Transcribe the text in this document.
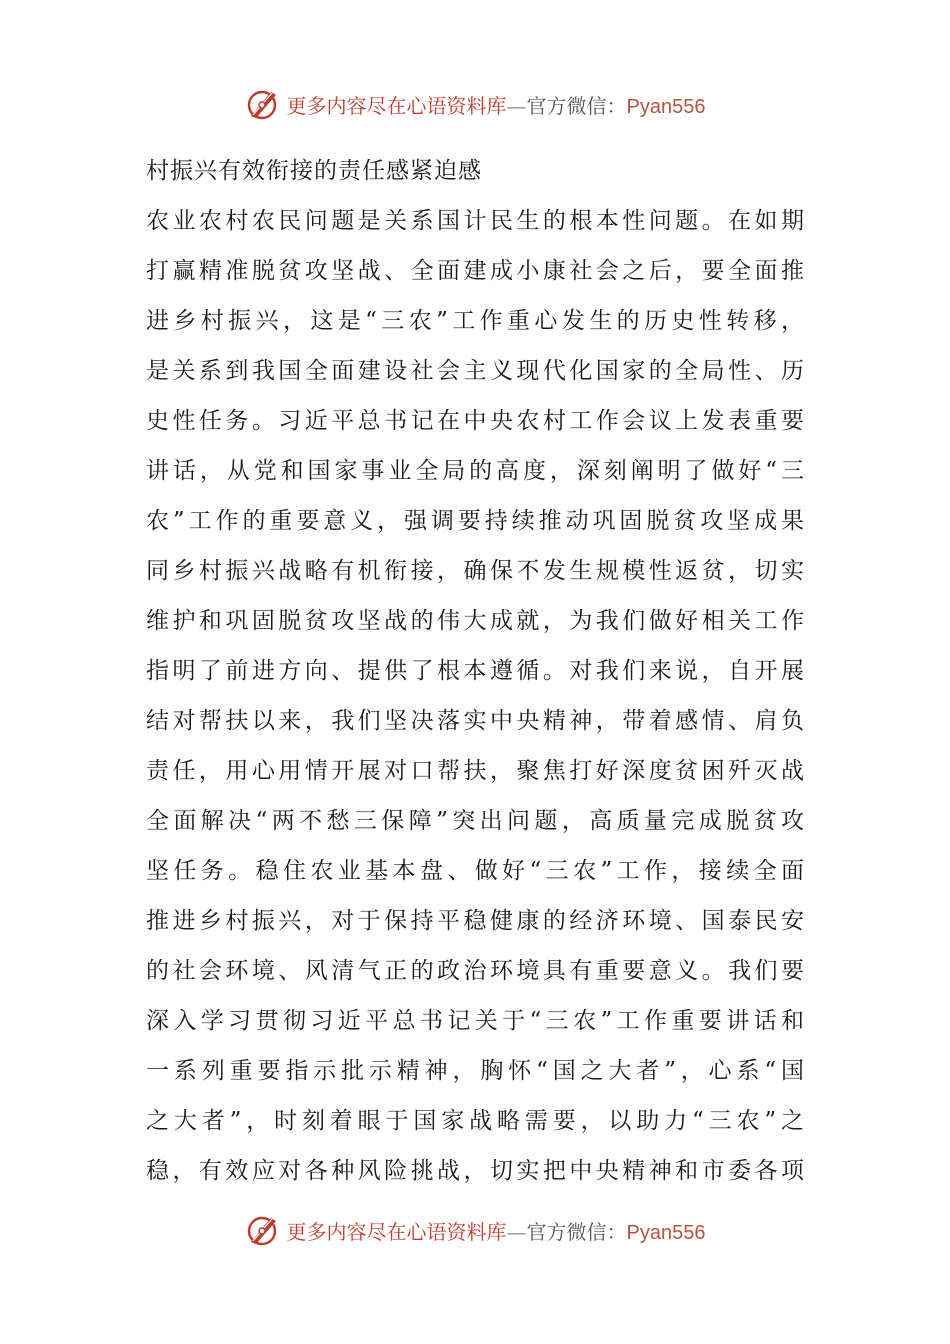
更多内容尽在心语资料库—官方微信：Pyan556
村振兴有效衔接的责任感紧迫感
农业农村农民问题是关系国计民生的根本性问题。在如期
打赢精准脱贫攻坚战、全面建成小康社会之后，要全面推
进乡村振兴，这是“三农”工作重心发生的历史性转移，
是关系到我国全面建设社会主义现代化国家的全局性、历
史性任务。习近平总书记在中央农村工作会议上发表重要
讲话，从党和国家事业全局的高度，深刻阐明了做好“三
农”工作的重要意义，强调要持续推动巩固脱贫攻坚成果
同乡村振兴战略有机衔接，确保不发生规模性返贫，切实
维护和巩固脱贫攻坚战的伟大成就，为我们做好相关工作
指明了前进方向、提供了根本遵循。对我们来说，自开展
结对帮扶以来，我们坚决落实中央精神，带着感情、肩负
责任，用心用情开展对口帮扶，聚焦打好深度贫困歼灭战
全面解决“两不愁三保障”突出问题，高质量完成脱贫攻
坚任务。稳住农业基本盘、做好“三农”工作，接续全面
推进乡村振兴，对于保持平稳健康的经济环境、国泰民安
的社会环境、风清气正的政治环境具有重要意义。我们要
深入学习贯彻习近平总书记关于“三农”工作重要讲话和
一系列重要指示批示精神，胸怀“国之大者”，心系“国
之大者”，时刻着眼于国家战略需要，以助力“三农”之
稳，有效应对各种风险挑战，切实把中央精神和市委各项
更多内容尽在心语资料库—官方微信：Pyan556
